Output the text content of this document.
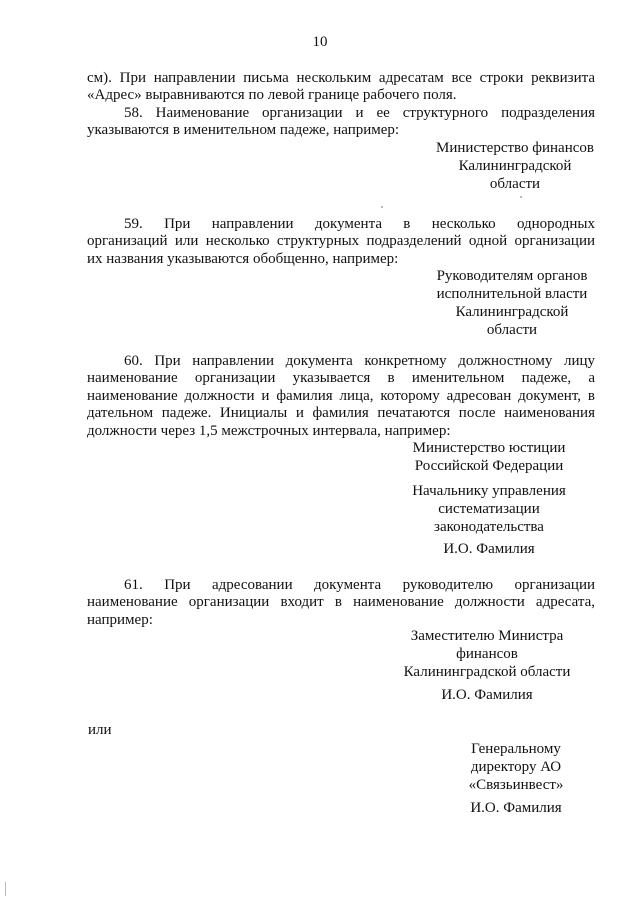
10
см). При направлении письма нескольким адресатам все строки реквизита
«Адрес» выравниваются по левой границе рабочего поля.
58. Наименование организации и ее структурного подразделения
указываются в именительном падеже, например:
Министерство финансов
Калининградской
области
59. При направлении документа в несколько однородных
организаций или несколько структурных подразделений одной организации
их названия указываются обобщенно, например:
Руководителям органов
исполнительной власти
Калининградской
области
60. При направлении документа конкретному должностному лицу
наименование организации указывается в именительном падеже, а
наименование должности и фамилия лица, которому адресован документ, в
дательном падеже. Инициалы и фамилия печатаются после наименования
должности через 1,5 межстрочных интервала, например:
Министерство юстиции
Российской Федерации
Начальнику управления
систематизации
законодательства
И.О. Фамилия
61. При адресовании документа руководителю организации
наименование организации входит в наименование должности адресата,
например:
Заместителю Министра
финансов
Калининградской области
И.О. Фамилия
или
Генеральному
директору АО
«Связьинвест»
И.О. Фамилия
